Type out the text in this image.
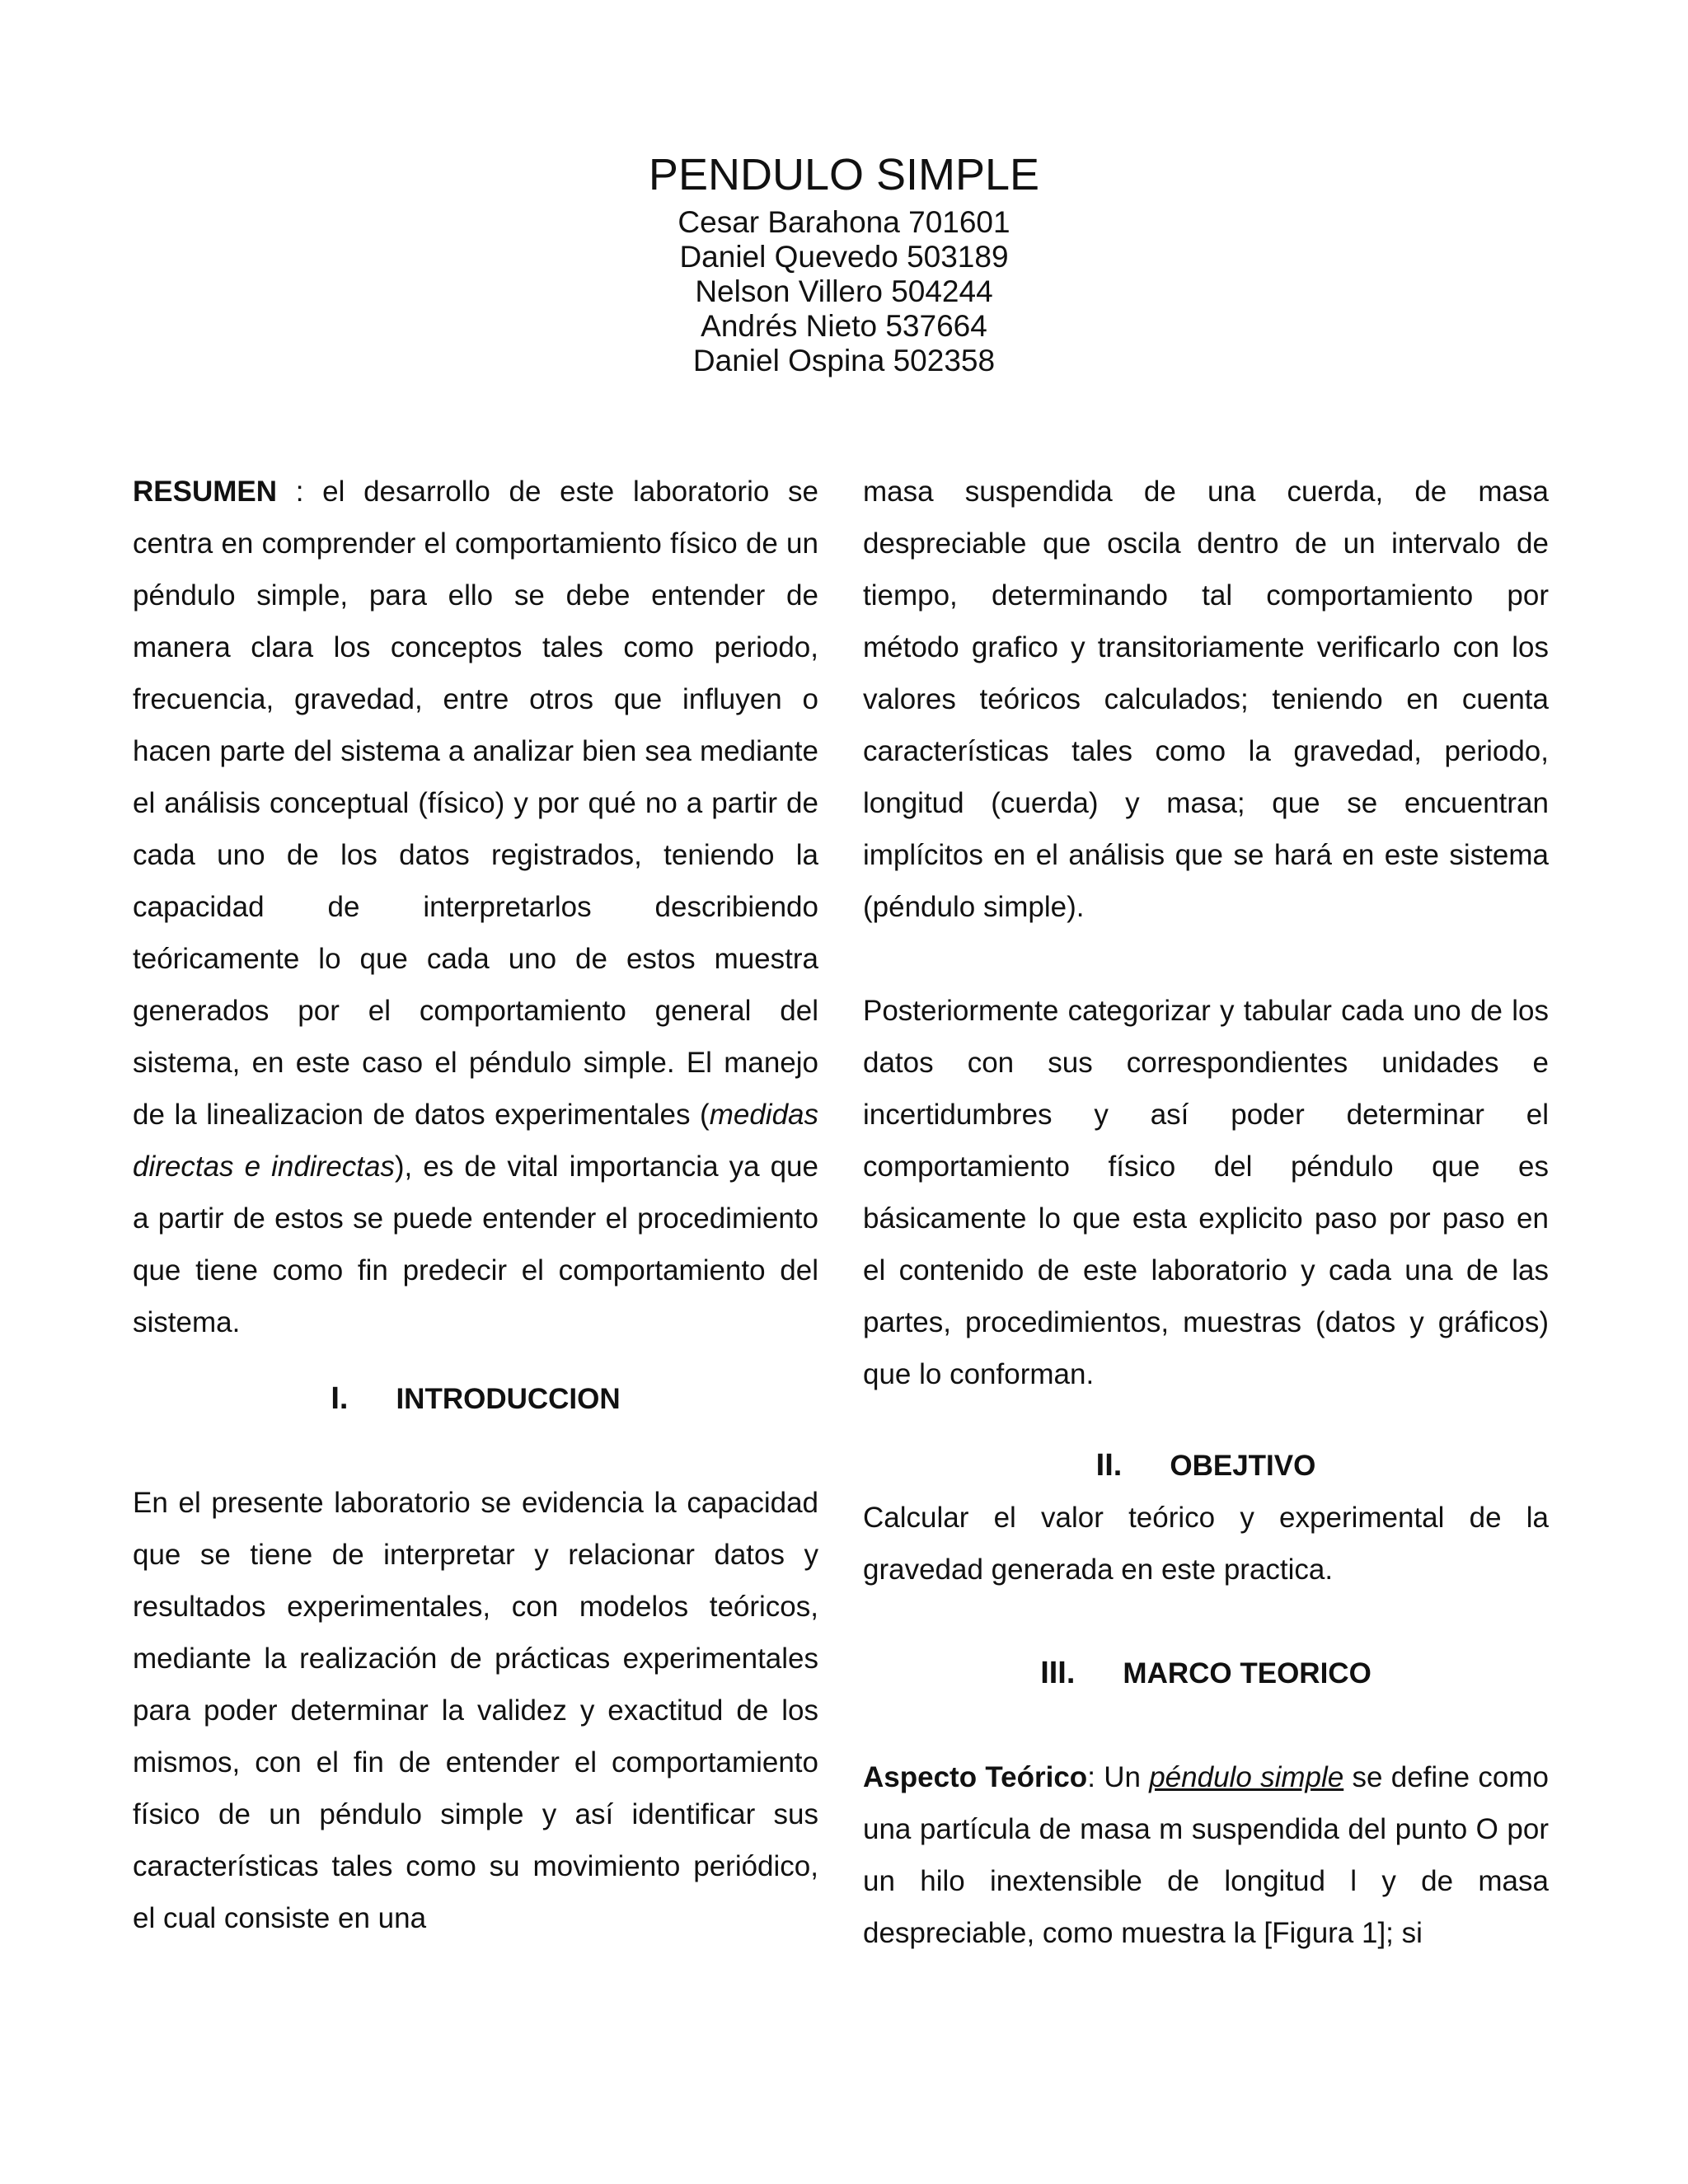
PENDULO SIMPLE
Cesar Barahona 701601
Daniel Quevedo 503189
Nelson Villero 504244
Andrés Nieto 537664
Daniel Ospina 502358

RESUMEN : el desarrollo de este laboratorio se centra en comprender el comportamiento físico de un péndulo simple, para ello se debe entender de manera clara los conceptos tales como periodo, frecuencia, gravedad, entre otros que influyen o hacen parte del sistema a analizar bien sea mediante el análisis conceptual (físico) y por qué no a partir de cada uno de los datos registrados, teniendo la capacidad de interpretarlos describiendo teóricamente lo que cada uno de estos muestra generados por el comportamiento general del sistema, en este caso el péndulo simple. El manejo de la linealizacion de datos experimentales (medidas directas e indirectas), es de vital importancia ya que a partir de estos se puede entender el procedimiento que tiene como fin predecir el comportamiento del sistema.

I. INTRODUCCION

En el presente laboratorio se evidencia la capacidad que se tiene de interpretar y relacionar datos y resultados experimentales, con modelos teóricos, mediante la realización de prácticas experimentales para poder determinar la validez y exactitud de los mismos, con el fin de entender el comportamiento físico de un péndulo simple y así identificar sus características tales como su movimiento periódico, el cual consiste en una

masa suspendida de una cuerda, de masa despreciable que oscila dentro de un intervalo de tiempo, determinando tal comportamiento por método grafico y transitoriamente verificarlo con los valores teóricos calculados; teniendo en cuenta características tales como la gravedad, periodo, longitud (cuerda) y masa; que se encuentran implícitos en el análisis que se hará en este sistema (péndulo simple).

Posteriormente categorizar y tabular cada uno de los datos con sus correspondientes unidades e incertidumbres y así poder determinar el comportamiento físico del péndulo que es básicamente lo que esta explicito paso por paso en el contenido de este laboratorio y cada una de las partes, procedimientos, muestras (datos y gráficos) que lo conforman.

II. OBEJTIVO

Calcular el valor teórico y experimental de la gravedad generada en este practica.

III. MARCO TEORICO

Aspecto Teórico: Un péndulo simple se define como una partícula de masa m suspendida del punto O por un hilo inextensible de longitud l y de masa despreciable, como muestra la [Figura 1]; si
